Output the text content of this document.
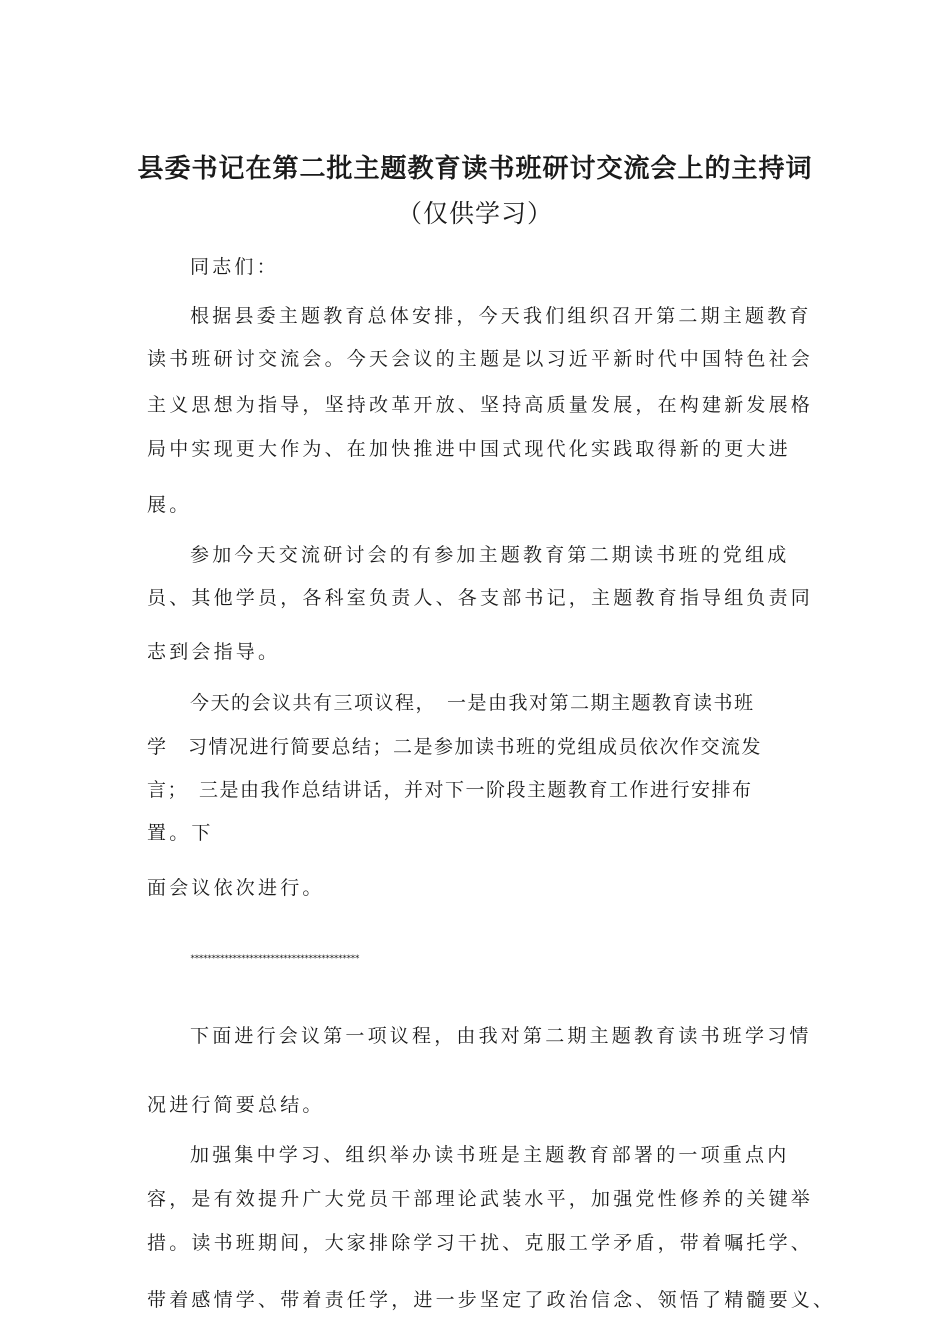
县委书记在第二批主题教育读书班研讨交流会上的主持词
（仅供学习）
同志们：
根据县委主题教育总体安排，今天我们组织召开第二期主题教育
读书班研讨交流会。今天会议的主题是以习近平新时代中国特色社会
主义思想为指导，坚持改革开放、坚持高质量发展，在构建新发展格
局中实现更大作为、在加快推进中国式现代化实践取得新的更大进
展。
参加今天交流研讨会的有参加主题教育第二期读书班的党组成
员、其他学员，各科室负责人、各支部书记，主题教育指导组负责同
志到会指导。
今天的会议共有三项议程，　一是由我对第二期主题教育读书班
学　习情况进行简要总结；二是参加读书班的党组成员依次作交流发
言；　三是由我作总结讲话，并对下一阶段主题教育工作进行安排布
置。下
面会议依次进行。
****************************************
下面进行会议第一项议程，由我对第二期主题教育读书班学习情
况进行简要总结。
加强集中学习、组织举办读书班是主题教育部署的一项重点内
容，是有效提升广大党员干部理论武装水平，加强党性修养的关键举
措。读书班期间，大家排除学习干扰、克服工学矛盾，带着嘱托学、
带着感情学、带着责任学，进一步坚定了政治信念、领悟了精髓要义、
